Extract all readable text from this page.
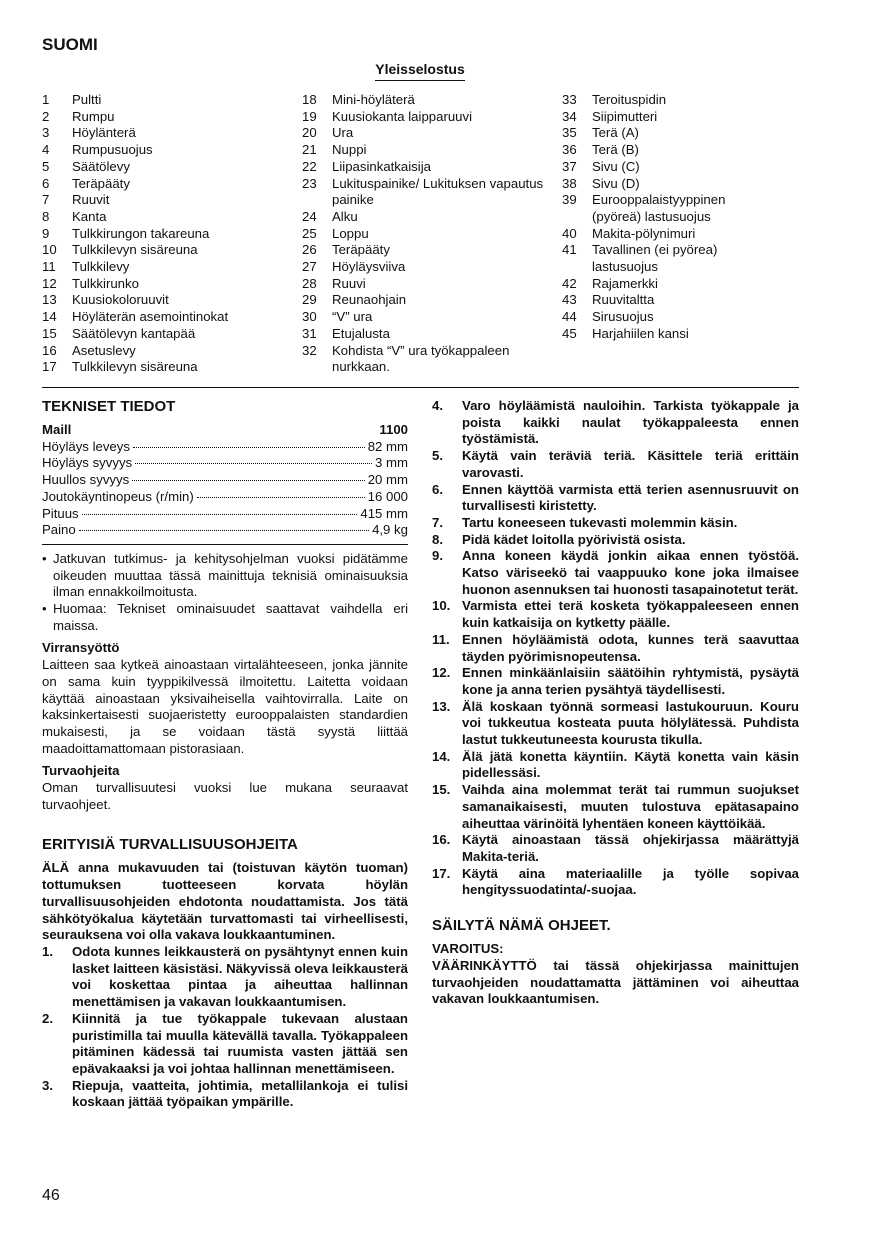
SUOMI
Yleisselostus
1	Pultti
2	Rumpu
3	Höylänterä
4	Rumpusuojus
5	Säätölevy
6	Teräpääty
7	Ruuvit
8	Kanta
9	Tulkkirungon takareuna
10	Tulkkilevyn sisäreuna
11	Tulkkilevy
12	Tulkkirunko
13	Kuusiokoloruuvit
14	Höyläterän asemointinokat
15	Säätölevyn kantapää
16	Asetuslevy
17	Tulkkilevyn sisäreuna
18	Mini-höyläterä
19	Kuusiokanta laipparuuvi
20	Ura
21	Nuppi
22	Liipasinkatkaisija
23	Lukituspainike/ Lukituksen vapautus painike
24	Alku
25	Loppu
26	Teräpääty
27	Höyläysviiva
28	Ruuvi
29	Reunaohjain
30	“V” ura
31	Etujalusta
32	Kohdista “V” ura työkappaleen nurkkaan.
33	Teroituspidin
34	Siipimutteri
35	Terä (A)
36	Terä (B)
37	Sivu (C)
38	Sivu (D)
39	Eurooppalaistyyppinen (pyöreä) lastusuojus
40	Makita-pölynimuri
41	Tavallinen (ei pyörea) lastusuojus
42	Rajamerkki
43	Ruuvitaltta
44	Sirusuojus
45	Harjahiilen kansi
TEKNISET TIEDOT
Maill	1100
Höyläys leveys	82 mm
Höyläys syvyys	3 mm
Huullos syvyys	20 mm
Joutokäyntinopeus (r/min)	16 000
Pituus	415 mm
Paino	4,9 kg
• Jatkuvan tutkimus- ja kehitysohjelman vuoksi pidätämme oikeuden muuttaa tässä mainittuja teknisiä ominaisuuksia ilman ennakkoilmoitusta.
• Huomaa: Tekniset ominaisuudet saattavat vaihdella eri maissa.
Virransyöttö
Laitteen saa kytkeä ainoastaan virtalähteeseen, jonka jännite on sama kuin tyyppikilvessä ilmoitettu. Laitetta voidaan käyttää ainoastaan yksivaiheisella vaihtovirralla. Laite on kaksinkertaisesti suojaeristetty eurooppalaisten standardien mukaisesti, ja se voidaan tästä syystä liittää maadoittamattomaan pistorasiaan.
Turvaohjeita
Oman turvallisuutesi vuoksi lue mukana seuraavat turvaohjeet.
ERITYISIÄ TURVALLISUUSOHJEITA
ÄLÄ anna mukavuuden tai (toistuvan käytön tuoman) tottumuksen tuotteeseen korvata höylän turvallisuusohjeiden ehdotonta noudattamista. Jos tätä sähkötyökalua käytetään turvattomasti tai virheellisesti, seurauksena voi olla vakava loukkaantuminen.
1.	Odota kunnes leikkausterä on pysähtynyt ennen kuin lasket laitteen käsistäsi. Näkyvissä oleva leikkausterä voi koskettaa pintaa ja aiheuttaa hallinnan menettämisen ja vakavan loukkaantumisen.
2.	Kiinnitä ja tue työkappale tukevaan alustaan puristimilla tai muulla kätevällä tavalla. Työkappaleen pitäminen kädessä tai ruumista vasten jättää sen epävakaaksi ja voi johtaa hallinnan menettämiseen.
3.	Riepuja, vaatteita, johtimia, metallilankoja ei tulisi koskaan jättää työpaikan ympärille.
4.	Varo höyläämistä nauloihin. Tarkista työkappale ja poista kaikki naulat työkappaleesta ennen työstämistä.
5.	Käytä vain teräviä teriä. Käsittele teriä erittäin varovasti.
6.	Ennen käyttöä varmista että terien asennusruuvit on turvallisesti kiristetty.
7.	Tartu koneeseen tukevasti molemmin käsin.
8.	Pidä kädet loitolla pyörivistä osista.
9.	Anna koneen käydä jonkin aikaa ennen työstöä. Katso väriseekö tai vaappuuko kone joka ilmaisee huonon asennuksen tai huonosti tasapainotetut terät.
10. Varmista ettei terä kosketa työkappaleeseen ennen kuin katkaisija on kytketty päälle.
11. Ennen höyläämistä odota, kunnes terä saavuttaa täyden pyörimisnopeutensa.
12. Ennen minkäänlaisiin säätöihin ryhtymistä, pysäytä kone ja anna terien pysähtyä täydellisesti.
13. Älä koskaan työnnä sormeasi lastukouruun. Kouru voi tukkeutua kosteata puuta hölylätessä. Puhdista lastut tukkeutuneesta kourusta tikulla.
14. Älä jätä konetta käyntiin. Käytä konetta vain käsin pidellessäsi.
15. Vaihda aina molemmat terät tai rummun suojukset samanaikaisesti, muuten tulostuva epätasapaino aiheuttaa värinöitä lyhentäen koneen käyttöikää.
16. Käytä ainoastaan tässä ohjekirjassa määrättyjä Makita-teriä.
17. Käytä aina materiaalille ja työlle sopivaa hengityssuodatinta/-suojaa.
SÄILYTÄ NÄMÄ OHJEET.
VAROITUS:
VÄÄRINKÄYTTÖ tai tässä ohjekirjassa mainittujen turvaohjeiden noudattamatta jättäminen voi aiheuttaa vakavan loukkaantumisen.
46
